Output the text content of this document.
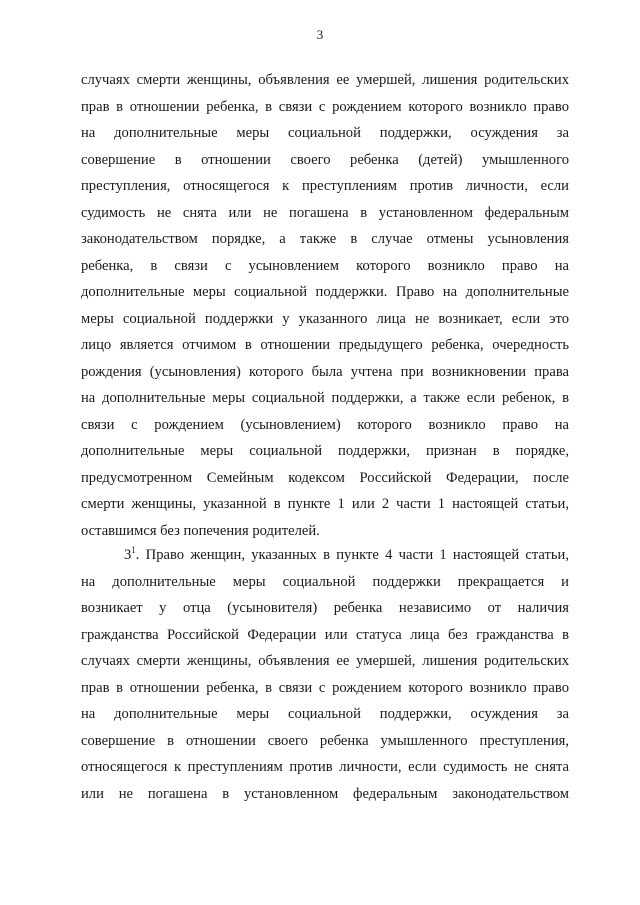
3
случаях смерти женщины, объявления ее умершей, лишения родительских
прав в отношении ребенка, в связи с рождением которого возникло право
на дополнительные меры социальной поддержки, осуждения за
совершение в отношении своего ребенка (детей) умышленного
преступления, относящегося к преступлениям против личности, если
судимость не снята или не погашена в установленном федеральным
законодательством порядке, а также в случае отмены усыновления
ребенка, в связи с усыновлением которого возникло право на
дополнительные меры социальной поддержки. Право на дополнительные
меры социальной поддержки у указанного лица не возникает, если это
лицо является отчимом в отношении предыдущего ребенка, очередность
рождения (усыновления) которого была учтена при возникновении права
на дополнительные меры социальной поддержки, а также если ребенок, в
связи с рождением (усыновлением) которого возникло право на
дополнительные меры социальной поддержки, признан в порядке,
предусмотренном Семейным кодексом Российской Федерации, после
смерти женщины, указанной в пункте 1 или 2 части 1 настоящей статьи,
оставшимся без попечения родителей.
$3^1$. Право женщин, указанных в пункте 4 части 1 настоящей статьи,
на дополнительные меры социальной поддержки прекращается и
возникает у отца (усыновителя) ребенка независимо от наличия
гражданства Российской Федерации или статуса лица без гражданства в
случаях смерти женщины, объявления ее умершей, лишения родительских
прав в отношении ребенка, в связи с рождением которого возникло право
на дополнительные меры социальной поддержки, осуждения за
совершение в отношении своего ребенка умышленного преступления,
относящегося к преступлениям против личности, если судимость не снята
или не погашена в установленном федеральным законодательством
